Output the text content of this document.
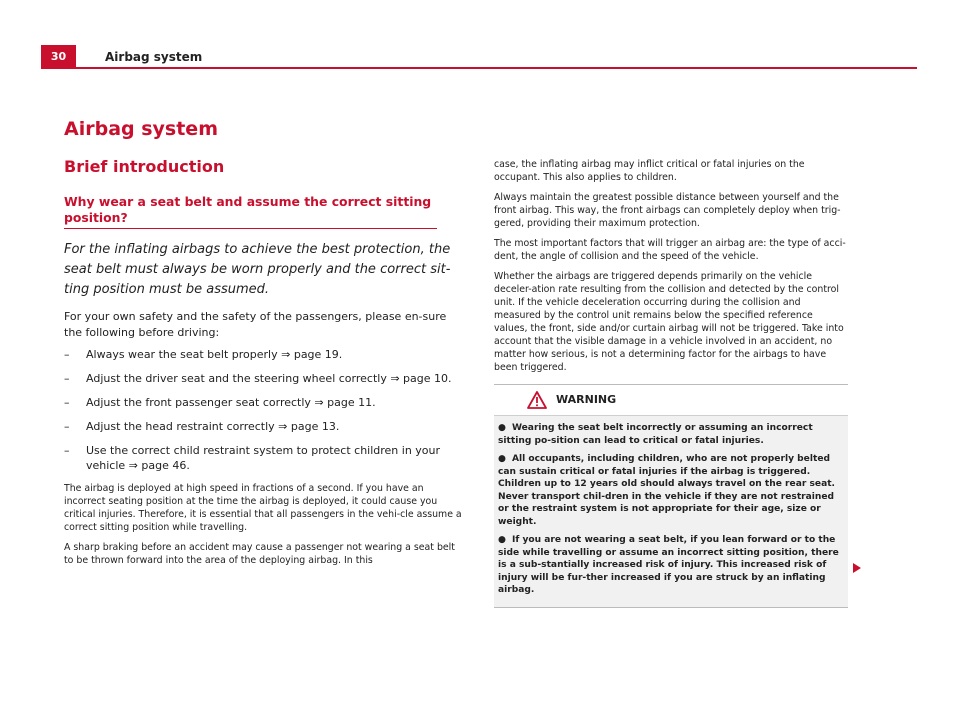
30	Airbag system
Airbag system
Brief introduction
Why wear a seat belt and assume the correct sitting position?

For the inflating airbags to achieve the best protection, the seat belt must always be worn properly and the correct sit-ting position must be assumed.

For your own safety and the safety of the passengers, please en-sure the following before driving:

– Always wear the seat belt properly ⇒ page 19.
– Adjust the driver seat and the steering wheel correctly ⇒ page 10.
– Adjust the front passenger seat correctly ⇒ page 11.
– Adjust the head restraint correctly ⇒ page 13.
– Use the correct child restraint system to protect children in your vehicle ⇒ page 46.

The airbag is deployed at high speed in fractions of a second. If you have an incorrect seating position at the time the airbag is deployed, it could cause you critical injuries. Therefore, it is essential that all passengers in the vehi-cle assume a correct sitting position while travelling.

A sharp braking before an accident may cause a passenger not wearing a seat belt to be thrown forward into the area of the deploying airbag. In this

case, the inflating airbag may inflict critical or fatal injuries on the occupant. This also applies to children.

Always maintain the greatest possible distance between yourself and the front airbag. This way, the front airbags can completely deploy when trig-gered, providing their maximum protection.

The most important factors that will trigger an airbag are: the type of acci-dent, the angle of collision and the speed of the vehicle.

Whether the airbags are triggered depends primarily on the vehicle deceler-ation rate resulting from the collision and detected by the control unit. If the vehicle deceleration occurring during the collision and measured by the control unit remains below the specified reference values, the front, side and/or curtain airbag will not be triggered. Take into account that the visible damage in a vehicle involved in an accident, no matter how serious, is not a determining factor for the airbags to have been triggered.

WARNING

● Wearing the seat belt incorrectly or assuming an incorrect sitting po-sition can lead to critical or fatal injuries.

● All occupants, including children, who are not properly belted can sustain critical or fatal injuries if the airbag is triggered. Children up to 12 years old should always travel on the rear seat. Never transport chil-dren in the vehicle if they are not restrained or the restraint system is not appropriate for their age, size or weight.

● If you are not wearing a seat belt, if you lean forward or to the side while travelling or assume an incorrect sitting position, there is a sub-stantially increased risk of injury. This increased risk of injury will be fur-ther increased if you are struck by an inflating airbag.
